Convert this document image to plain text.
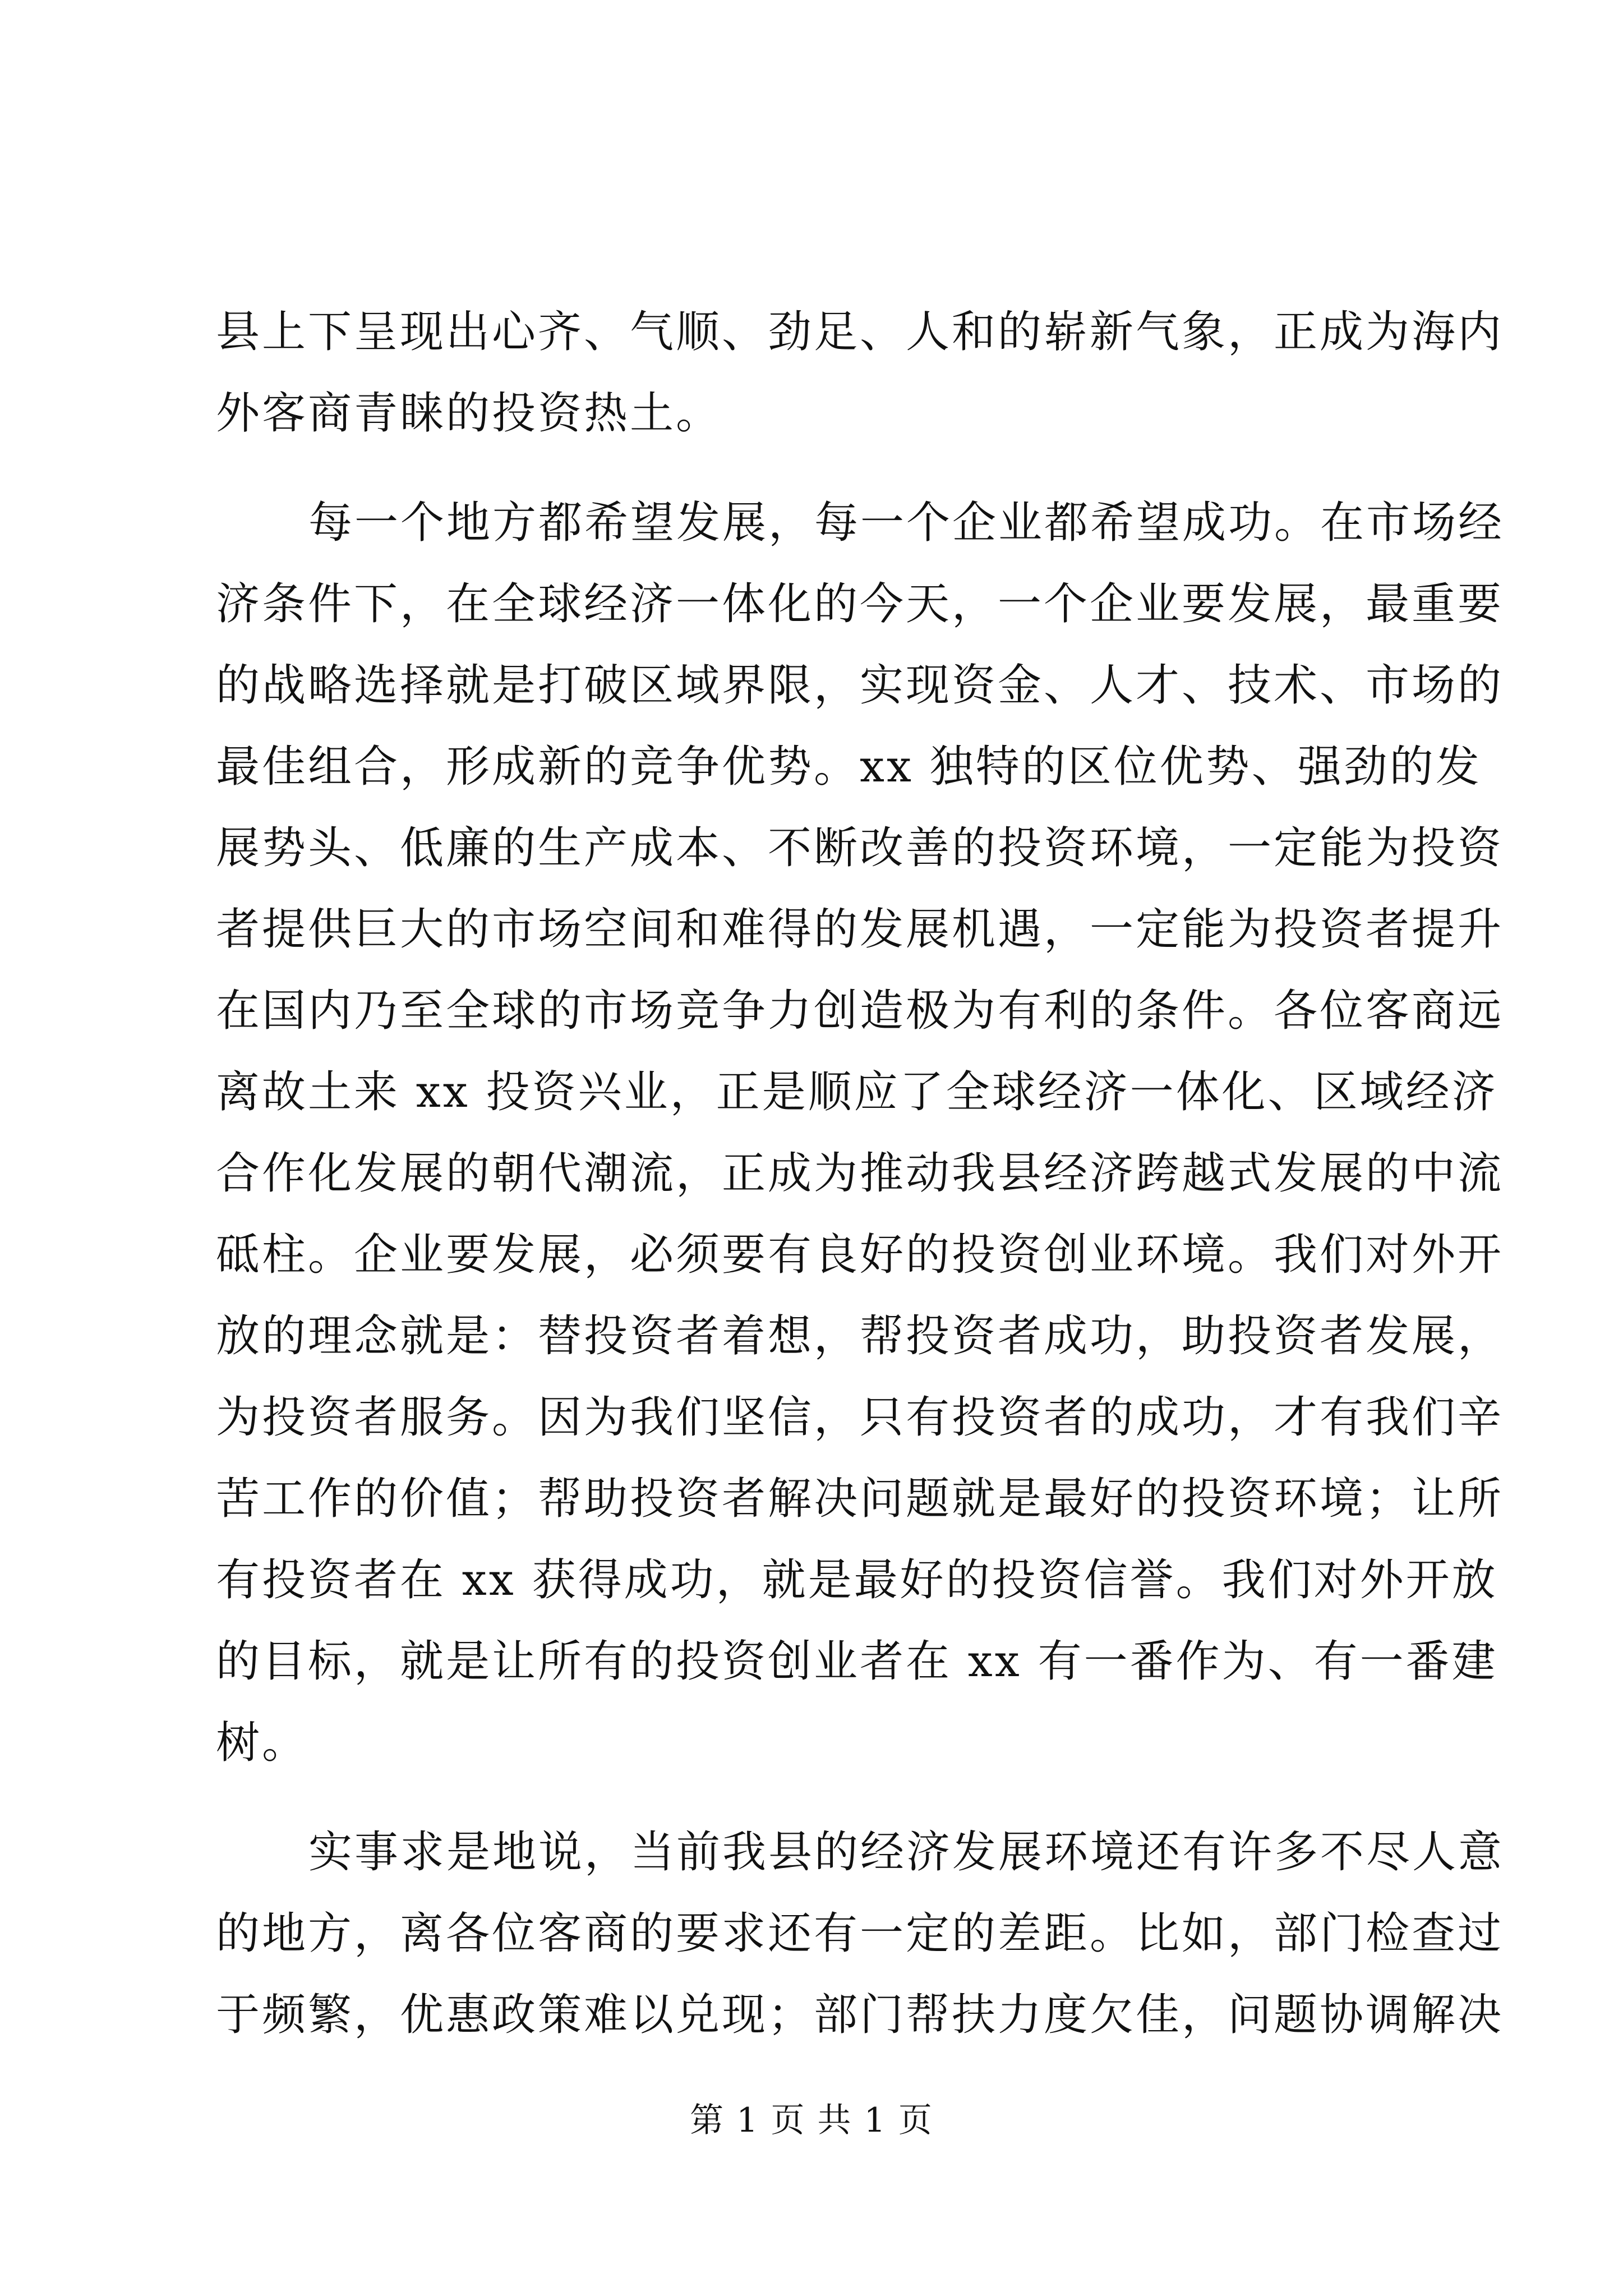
县上下呈现出心齐、气顺、劲足、人和的崭新气象，正成为海内
外客商青睐的投资热土。
每一个地方都希望发展，每一个企业都希望成功。在市场经
济条件下，在全球经济一体化的今天，一个企业要发展，最重要
的战略选择就是打破区域界限，实现资金、人才、技术、市场的
最佳组合，形成新的竞争优势。xx 独特的区位优势、强劲的发
展势头、低廉的生产成本、不断改善的投资环境，一定能为投资
者提供巨大的市场空间和难得的发展机遇，一定能为投资者提升
在国内乃至全球的市场竞争力创造极为有利的条件。各位客商远
离故土来 xx 投资兴业，正是顺应了全球经济一体化、区域经济
合作化发展的朝代潮流，正成为推动我县经济跨越式发展的中流
砥柱。企业要发展，必须要有良好的投资创业环境。我们对外开
放的理念就是：替投资者着想，帮投资者成功，助投资者发展，
为投资者服务。因为我们坚信，只有投资者的成功，才有我们辛
苦工作的价值；帮助投资者解决问题就是最好的投资环境；让所
有投资者在 xx 获得成功，就是最好的投资信誉。我们对外开放
的目标，就是让所有的投资创业者在 xx 有一番作为、有一番建
树。
实事求是地说，当前我县的经济发展环境还有许多不尽人意
的地方，离各位客商的要求还有一定的差距。比如，部门检查过
于频繁，优惠政策难以兑现；部门帮扶力度欠佳，问题协调解决
第 1 页 共 1 页
